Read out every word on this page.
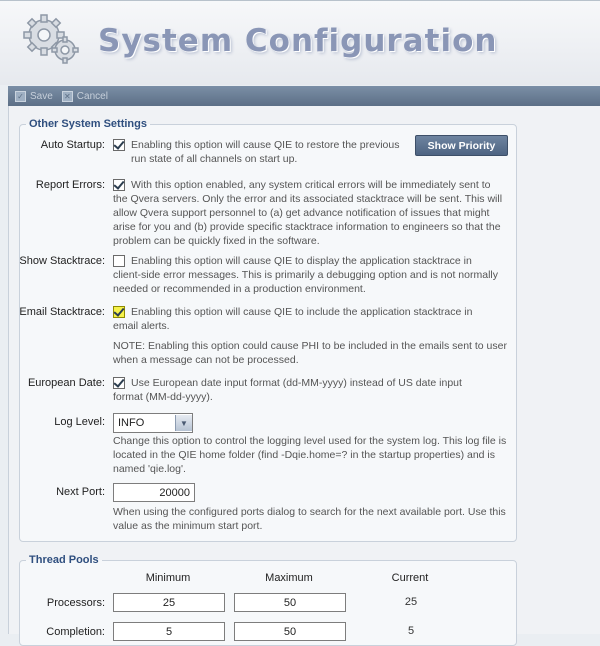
System Configuration
✓ Save ✕ Cancel
Other System Settings
Show Priority
Auto Startup: Enabling this option will cause QIE to restore the previous
run state of all channels on start up.
Report Errors: With this option enabled, any system critical errors will be immediately sent to
the Qvera servers. Only the error and its associated stacktrace will be sent. This will
allow Qvera support personnel to (a) get advance notification of issues that might
arise for you and (b) provide specific stacktrace information to engineers so that the
problem can be quickly fixed in the software.
Show Stacktrace: Enabling this option will cause QIE to display the application stacktrace in
client-side error messages. This is primarily a debugging option and is not normally
needed or recommended in a production environment.
Email Stacktrace: Enabling this option will cause QIE to include the application stacktrace in
email alerts.
NOTE: Enabling this option could cause PHI to be included in the emails sent to user
when a message can not be processed.
European Date: Use European date input format (dd-MM-yyyy) instead of US date input
format (MM-dd-yyyy).
Log Level:	INFO	▼
Change this option to control the logging level used for the system log. This log file is
located in the QIE home folder (find -Dqie.home=? in the startup properties) and is
named 'qie.log'.
Next Port:	20000
When using the configured ports dialog to search for the next available port. Use this
value as the minimum start port.
Thread Pools
Minimum	Maximum	Current
Processors:	25	50	25
Completion:	5	50	5
